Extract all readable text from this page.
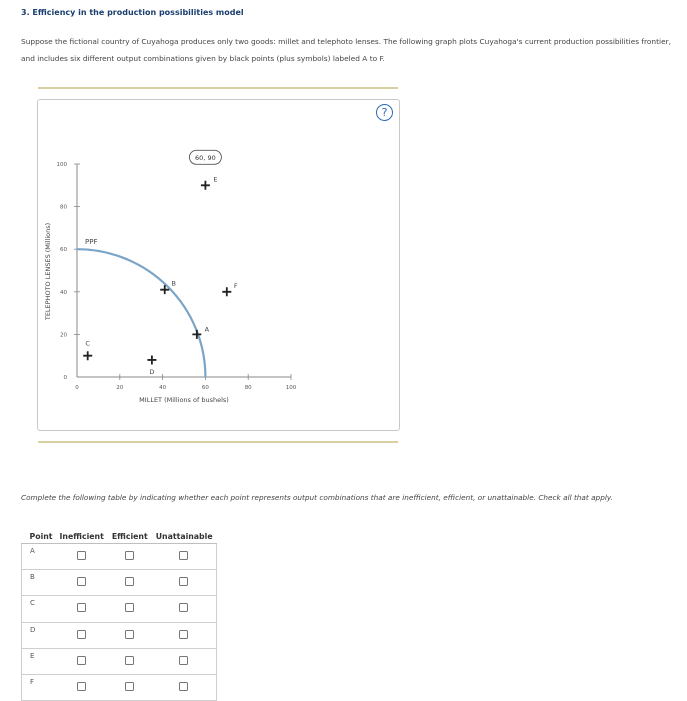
3. Efficiency in the production possibilities model
Suppose the fictional country of Cuyahoga produces only two goods: millet and telephoto lenses. The following graph plots Cuyahoga's current production possibilities frontier, and includes six different output combinations given by black points (plus symbols) labeled A to F.
?
0	20	40	60	80	100
0
20
40
60
80
100
MILLET (Millions of bushels)
TELEPHOTO LENSES (Millions)	PPF
A
B
C
D
E
F
60, 90
Complete the following table by indicating whether each point represents output combinations that are inefficient, efficient, or unattainable. Check all that apply.
Point	Inefficient	Efficient	Unattainable
A			
B			
C			
D			
E			
F			
